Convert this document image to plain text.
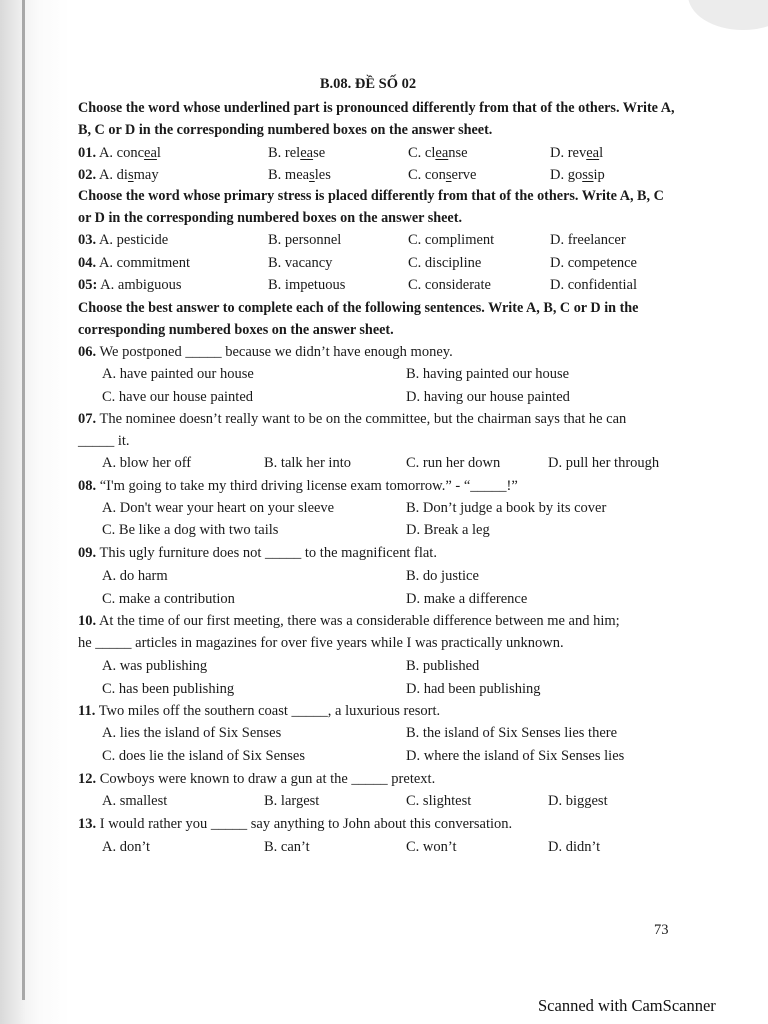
B.08. ĐỀ SỐ 02
Choose the word whose underlined part is pronounced differently from that of the others. Write A, B, C or D in the corresponding numbered boxes on the answer sheet.
01. A. conceal	B. release	C. cleanse	D. reveal
02. A. dismay	B. measles	C. conserve	D. gossip
Choose the word whose primary stress is placed differently from that of the others. Write A, B, C or D in the corresponding numbered boxes on the answer sheet.
03. A. pesticide	B. personnel	C. compliment	D. freelancer
04. A. commitment	B. vacancy	C. discipline	D. competence
05: A. ambiguous	B. impetuous	C. considerate	D. confidential
Choose the best answer to complete each of the following sentences. Write A, B, C or D in the corresponding numbered boxes on the answer sheet.
06. We postponed _____ because we didn’t have enough money.
A. have painted our house	B. having painted our house
C. have our house painted	D. having our house painted
07. The nominee doesn’t really want to be on the committee, but the chairman says that he can
_____ it.
A. blow her off	B. talk her into	C. run her down	D. pull her through
08. “I'm going to take my third driving license exam tomorrow.” - “_____!”
A. Don't wear your heart on your sleeve	B. Don’t judge a book by its cover
C. Be like a dog with two tails	D. Break a leg
09. This ugly furniture does not _____ to the magnificent flat.
A. do harm	B. do justice
C. make a contribution	D. make a difference
10. At the time of our first meeting, there was a considerable difference between me and him;
he _____ articles in magazines for over five years while I was practically unknown.
A. was publishing	B. published
C. has been publishing	D. had been publishing
11. Two miles off the southern coast _____, a luxurious resort.
A. lies the island of Six Senses	B. the island of Six Senses lies there
C. does lie the island of Six Senses	D. where the island of Six Senses lies
12. Cowboys were known to draw a gun at the _____ pretext.
A. smallest	B. largest	C. slightest	D. biggest
13. I would rather you _____ say anything to John about this conversation.
A. don’t	B. can’t	C. won’t	D. didn’t
73
Scanned with CamScanner
